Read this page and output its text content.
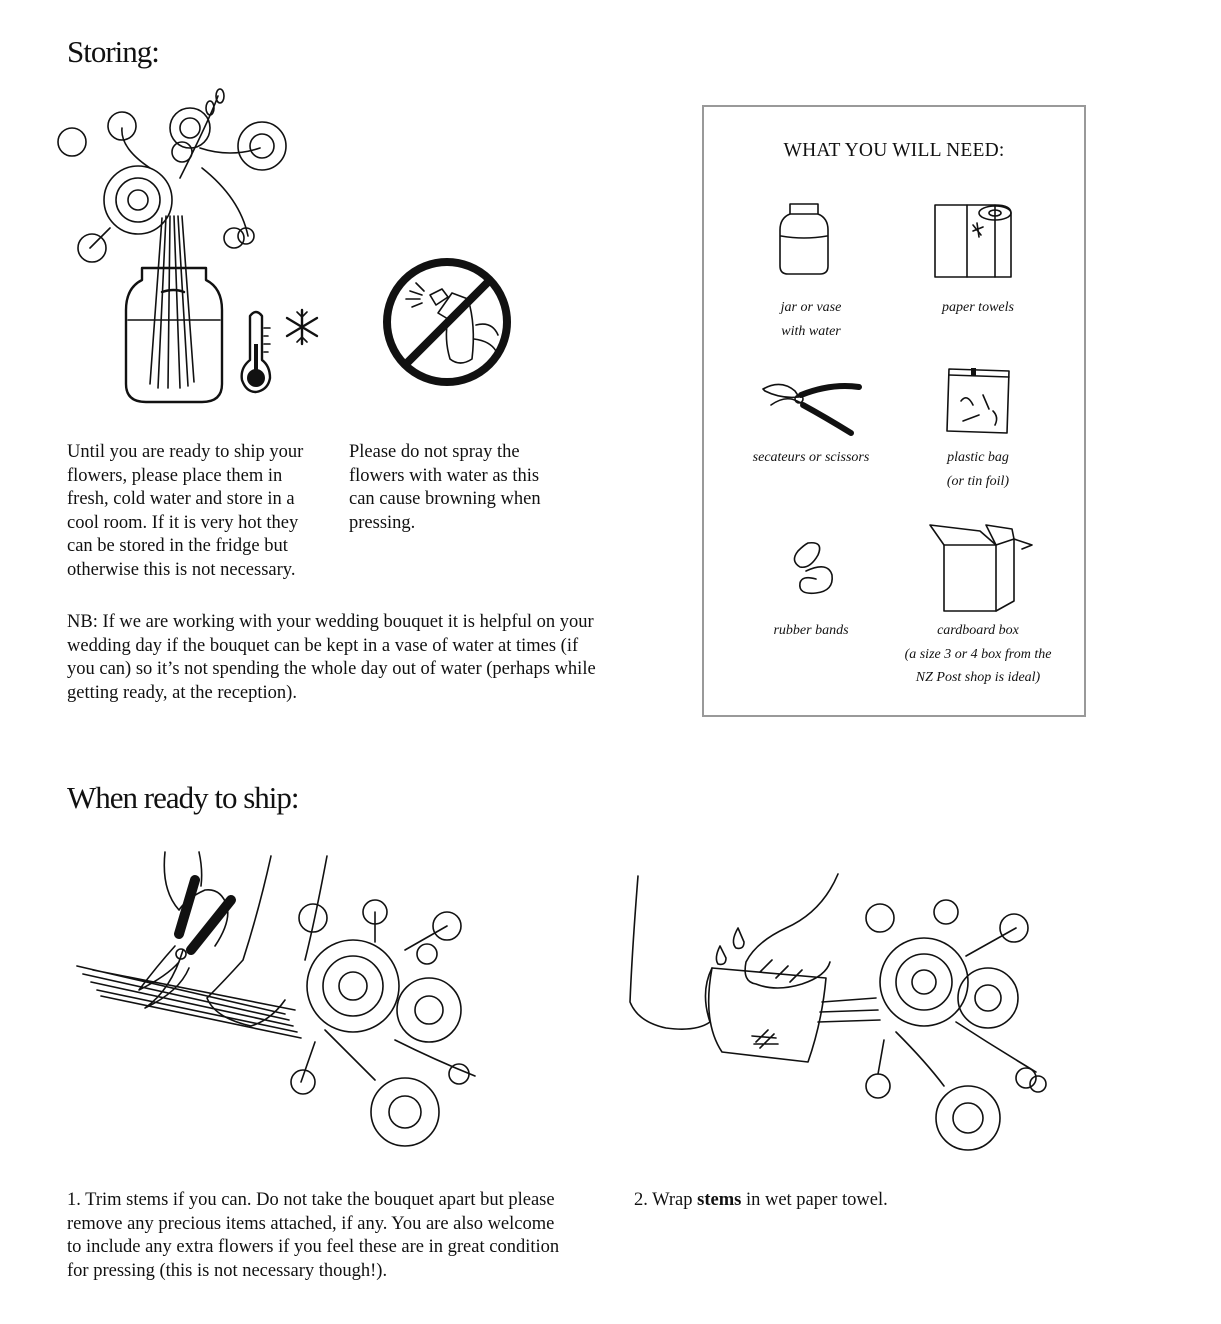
Storing:
Until you are ready to ship your flowers, please place them in fresh, cold water and store in a cool room. If it is very hot they can be stored in the fridge but otherwise this is not necessary.
Please do not spray the flowers with water as this can cause browning when pressing.
NB: If we are working with your wedding bouquet it is helpful on your wedding day if the bouquet can be kept in a vase of water at times (if you can) so it’s not spending the whole day out of water (perhaps while getting ready, at the reception).
WHAT YOU WILL NEED:
jar or vase
with water
paper towels
secateurs or scissors	plastic bag
(or tin foil)
rubber bands	cardboard box
(a size 3 or 4 box from the
NZ Post shop is ideal)
When ready to ship:
1. Trim stems if you can. Do not take the bouquet apart but please remove any precious items attached, if any. You are also welcome to include any extra flowers if you feel these are in great condition for pressing (this is not necessary though!).
2. Wrap stems in wet paper towel.
